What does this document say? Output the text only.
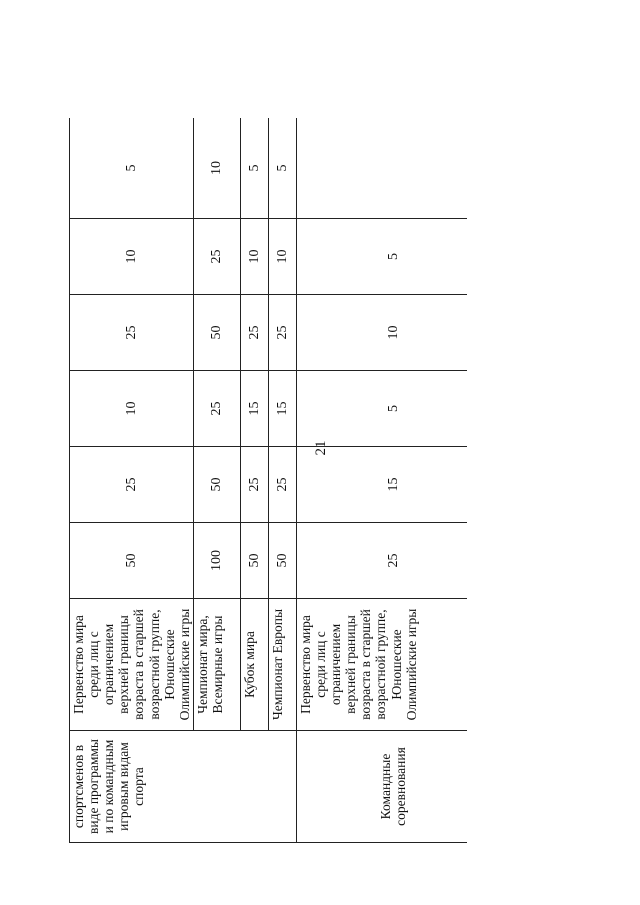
21
спортсменов в виде программы и по командным игровым видам спорта	Первенство мира среди лиц с ограничением верхней границы возраста в старшей возрастной группе, Юношеские Олимпийские игры	50	25	10	25	10	5
	Чемпионат мира, Всемирные игры	100	50	25	50	25	10
	Кубок мира	50	25	15	25	10	5
	Чемпионат Европы	50	25	15	25	10	5
Командные соревнования	Первенство мира среди лиц с ограничением верхней границы возраста в старшей возрастной группе, Юношеские Олимпийские игры	25	15	5	10	5	
